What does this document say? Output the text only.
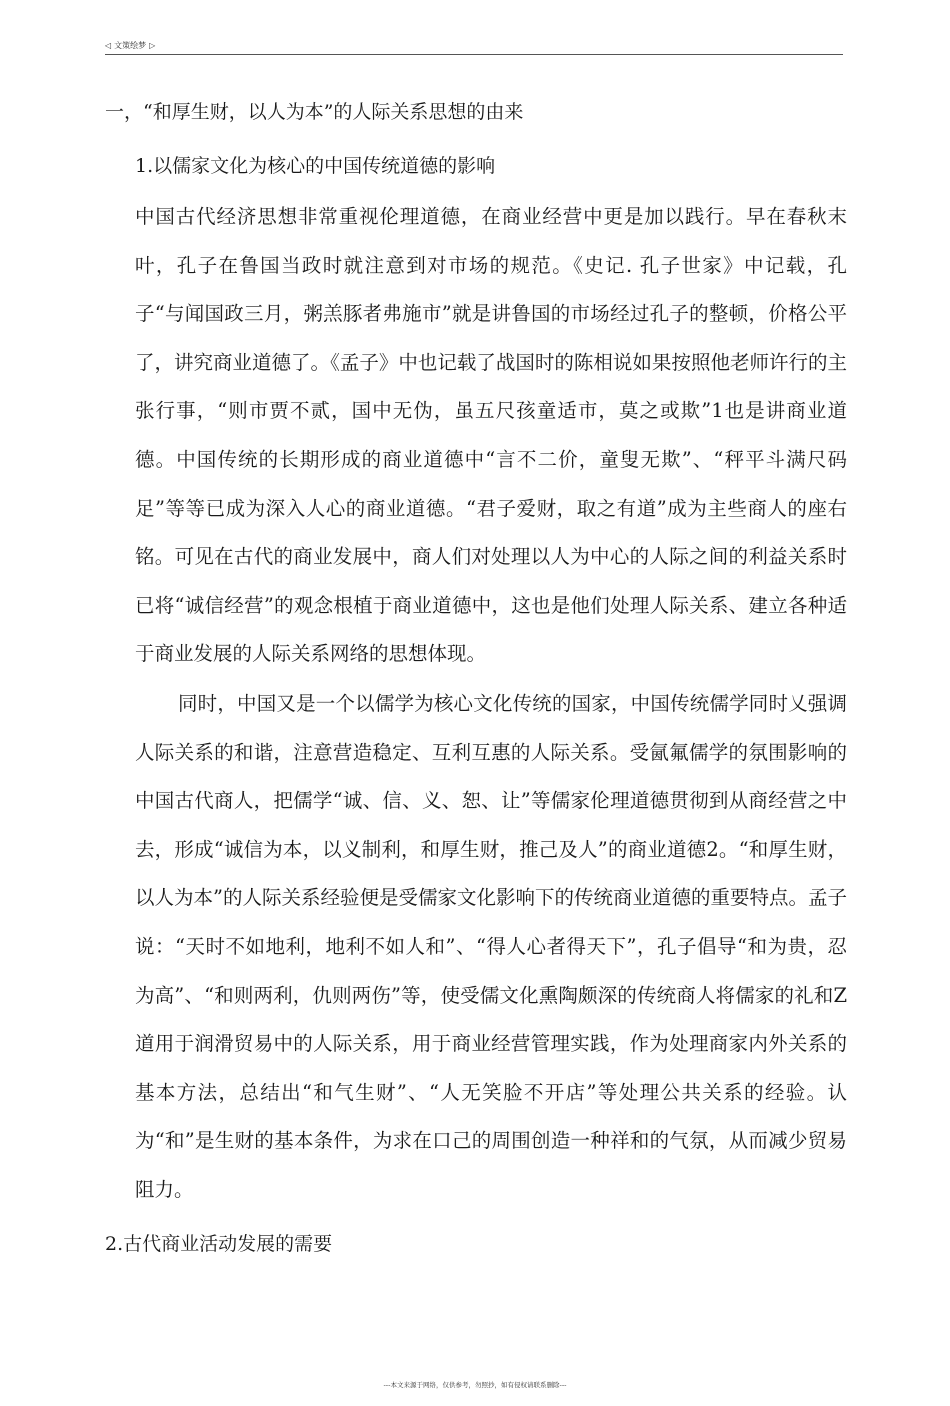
◁ 文策绘梦 ▷
一，“和厚生财，以人为本”的人际关系思想的由来
1.以儒家文化为核心的中国传统道德的影响

中国古代经济思想非常重视伦理道德，在商业经营中更是加以践行。早在春秋末叶，孔子在鲁国当政时就注意到对市场的规范。《史记. 孔子世家》中记载，孔子“与闻国政三月，粥羔豚者弗施市”就是讲鲁国的市场经过孔子的整顿，价格公平了，讲究商业道德了。《孟子》中也记载了战国时的陈相说如果按照他老师许行的主张行事，“则市贾不贰，国中无伪，虽五尺孩童适市，莫之或欺”1也是讲商业道德。中国传统的长期形成的商业道德中“言不二价，童叟无欺”、“秤平斗满尺码足”等等已成为深入人心的商业道德。“君子爱财，取之有道”成为主些商人的座右铭。可见在古代的商业发展中，商人们对处理以人为中心的人际之间的利益关系时已将“诚信经营”的观念根植于商业道德中，这也是他们处理人际关系、建立各种适于商业发展的人际关系网络的思想体现。

同时，中国又是一个以儒学为核心文化传统的国家，中国传统儒学同时乂强调人际关系的和谐，注意营造稳定、互利互惠的人际关系。受氤氟儒学的氛围影响的中国古代商人，把儒学“诚、信、义、恕、让”等儒家伦理道德贯彻到从商经营之中去，形成“诚信为本，以义制利，和厚生财，推己及人”的商业道德2。“和厚生财，以人为本”的人际关系经验便是受儒家文化影响下的传统商业道德的重要特点。孟子说：“天时不如地利，地利不如人和”、“得人心者得天下”，孔子倡导“和为贵，忍为高”、“和则两利，仇则两伤”等，使受儒文化熏陶颇深的传统商人将儒家的礼和Z道用于润滑贸易中的人际关系，用于商业经营管理实践，作为处理商家内外关系的基本方法，总结出“和气生财”、“人无笑脸不开店”等处理公共关系的经验。认为“和”是生财的基本条件，为求在口己的周围创造一种祥和的气氛，从而减少贸易阻力。

2.古代商业活动发展的需要
---本文来源于网络，仅供参考，勿照抄，如有侵权请联系删除---
